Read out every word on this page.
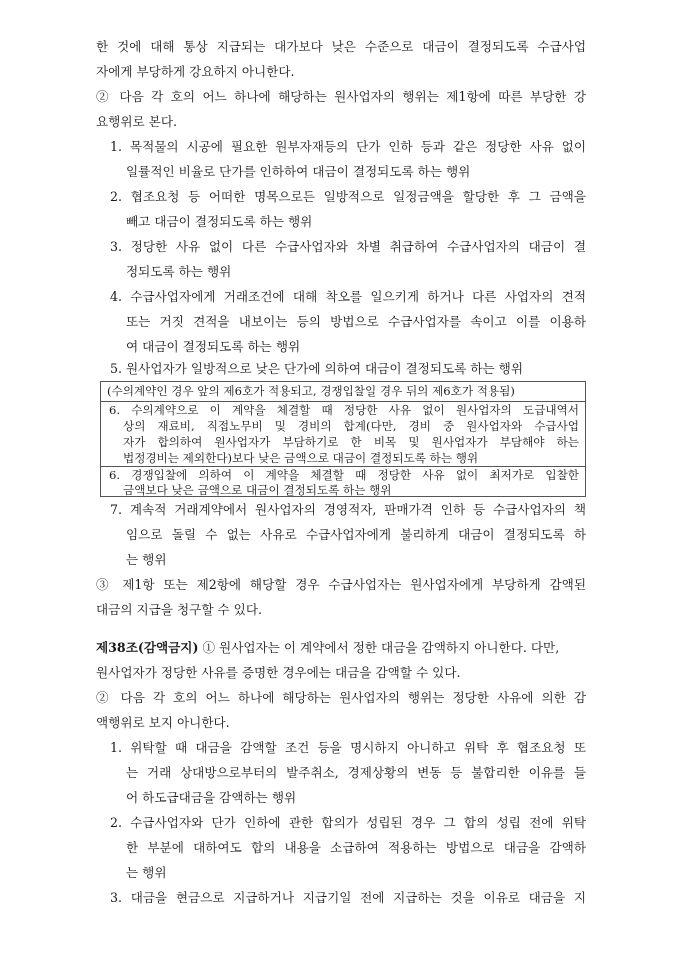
한 것에 대해 통상 지급되는 대가보다 낮은 수준으로 대금이 결정되도록 수급사업
자에게 부당하게 강요하지 아니한다.
② 다음 각 호의 어느 하나에 해당하는 원사업자의 행위는 제1항에 따른 부당한 강
요행위로 본다.
1. 목적물의 시공에 필요한 원부자재등의 단가 인하 등과 같은 정당한 사유 없이
일률적인 비율로 단가를 인하하여 대금이 결정되도록 하는 행위
2. 협조요청 등 어떠한 명목으로든 일방적으로 일정금액을 할당한 후 그 금액을
빼고 대금이 결정되도록 하는 행위
3. 정당한 사유 없이 다른 수급사업자와 차별 취급하여 수급사업자의 대금이 결
정되도록 하는 행위
4. 수급사업자에게 거래조건에 대해 착오를 일으키게 하거나 다른 사업자의 견적
또는 거짓 견적을 내보이는 등의 방법으로 수급사업자를 속이고 이를 이용하
여 대금이 결정되도록 하는 행위
5. 원사업자가 일방적으로 낮은 단가에 의하여 대금이 결정되도록 하는 행위
(수의계약인 경우 앞의 제6호가 적용되고, 경쟁입찰일 경우 뒤의 제6호가 적용됨)
6. 수의계약으로 이 계약을 체결할 때 정당한 사유 없이 원사업자의 도급내역서
상의 재료비, 직접노무비 및 경비의 합계(다만, 경비 중 원사업자와 수급사업
자가 합의하여 원사업자가 부담하기로 한 비목 및 원사업자가 부담해야 하는
법정경비는 제외한다)보다 낮은 금액으로 대금이 결정되도록 하는 행위
6. 경쟁입찰에 의하여 이 계약을 체결할 때 정당한 사유 없이 최저가로 입찰한
금액보다 낮은 금액으로 대금이 결정되도록 하는 행위
7. 계속적 거래계약에서 원사업자의 경영적자, 판매가격 인하 등 수급사업자의 책
임으로 돌릴 수 없는 사유로 수급사업자에게 불리하게 대금이 결정되도록 하
는 행위
③ 제1항 또는 제2항에 해당할 경우 수급사업자는 원사업자에게 부당하게 감액된
대금의 지급을 청구할 수 있다.
제38조(감액금지) ① 원사업자는 이 계약에서 정한 대금을 감액하지 아니한다. 다만,
원사업자가 정당한 사유를 증명한 경우에는 대금을 감액할 수 있다.
② 다음 각 호의 어느 하나에 해당하는 원사업자의 행위는 정당한 사유에 의한 감
액행위로 보지 아니한다.
1. 위탁할 때 대금을 감액할 조건 등을 명시하지 아니하고 위탁 후 협조요청 또
는 거래 상대방으로부터의 발주취소, 경제상황의 변동 등 불합리한 이유를 들
어 하도급대금을 감액하는 행위
2. 수급사업자와 단가 인하에 관한 합의가 성립된 경우 그 합의 성립 전에 위탁
한 부분에 대하여도 합의 내용을 소급하여 적용하는 방법으로 대금을 감액하
는 행위
3. 대금을 현금으로 지급하거나 지급기일 전에 지급하는 것을 이유로 대금을 지
